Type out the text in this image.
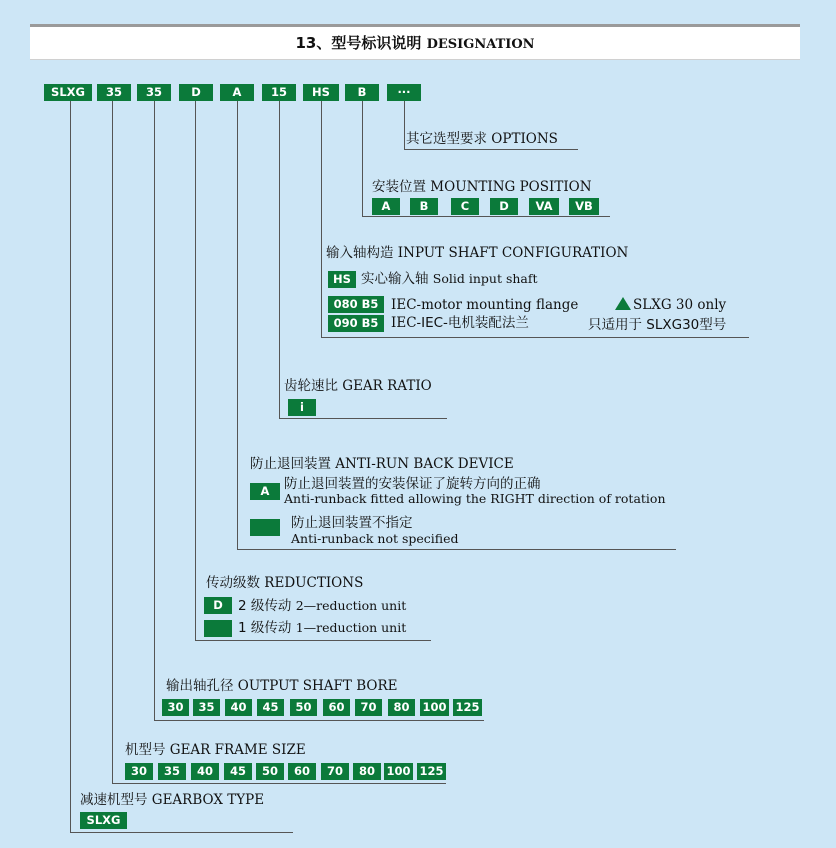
13、型号标识说明 DESIGNATION
SLXG	35	35	D	A	15	HS	B	···
其它选型要求 OPTIONS
安装位置 MOUNTING POSITION
A	B	C	D	VA	VB
输入轴构造 INPUT SHAFT CONFIGURATION
HS 实心输入轴 Solid input shaft
080 B5 IEC-motor mounting flange
090 B5 IEC-IEC-电机装配法兰
SLXG 30 only
只适用于 SLXG30型号
齿轮速比 GEAR RATIO
i
防止退回装置 ANTI-RUN BACK DEVICE
A	防止退回装置的安装保证了旋转方向的正确
Anti-runback fitted allowing the RIGHT direction of rotation
防止退回装置不指定
Anti-runback not specified
传动级数 REDUCTIONS
D	2 级传动 2—reduction unit
1 级传动 1—reduction unit
输出轴孔径 OUTPUT SHAFT BORE
30	35	40	45	50	60	70	80	100 125
机型号 GEAR FRAME SIZE
30	35	40	45	50	60	70	80 100 125
减速机型号 GEARBOX TYPE
SLXG
